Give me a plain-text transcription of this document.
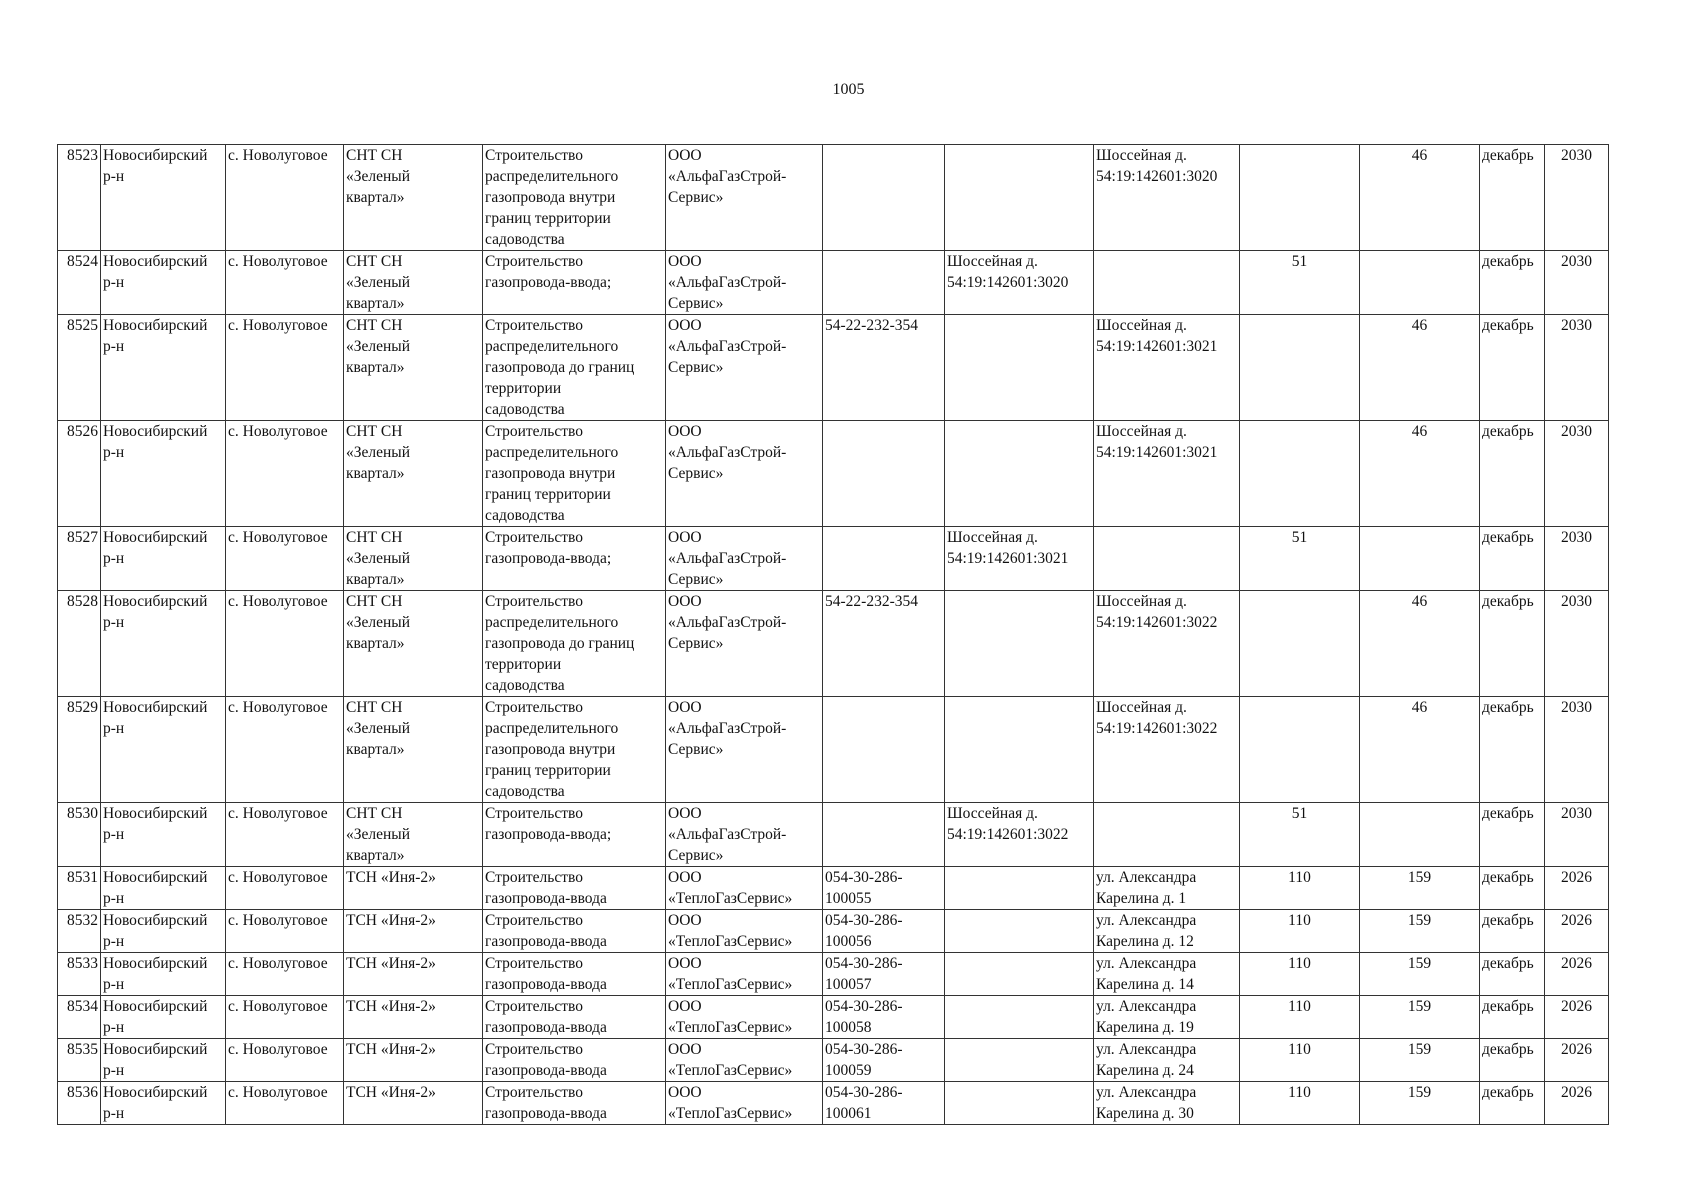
1005
8523	Новосибирский
р-н	с. Новолуговое	СНТ СН
«Зеленый
квартал»	Строительство
распределительного
газопровода внутри
границ территории
садоводства	ООО
«АльфаГазСтрой-
Сервис»			Шоссейная д.
54:19:142601:3020		46	декабрь	2030
8524	Новосибирский
р-н	с. Новолуговое	СНТ СН
«Зеленый
квартал»	Строительство
газопровода-ввода;	ООО
«АльфаГазСтрой-
Сервис»		Шоссейная д.
54:19:142601:3020		51		декабрь	2030
8525	Новосибирский
р-н	с. Новолуговое	СНТ СН
«Зеленый
квартал»	Строительство
распределительного
газопровода до границ
территории
садоводства	ООО
«АльфаГазСтрой-
Сервис»	54-22-232-354		Шоссейная д.
54:19:142601:3021		46	декабрь	2030
8526	Новосибирский
р-н	с. Новолуговое	СНТ СН
«Зеленый
квартал»	Строительство
распределительного
газопровода внутри
границ территории
садоводства	ООО
«АльфаГазСтрой-
Сервис»			Шоссейная д.
54:19:142601:3021		46	декабрь	2030
8527	Новосибирский
р-н	с. Новолуговое	СНТ СН
«Зеленый
квартал»	Строительство
газопровода-ввода;	ООО
«АльфаГазСтрой-
Сервис»		Шоссейная д.
54:19:142601:3021		51		декабрь	2030
8528	Новосибирский
р-н	с. Новолуговое	СНТ СН
«Зеленый
квартал»	Строительство
распределительного
газопровода до границ
территории
садоводства	ООО
«АльфаГазСтрой-
Сервис»	54-22-232-354		Шоссейная д.
54:19:142601:3022		46	декабрь	2030
8529	Новосибирский
р-н	с. Новолуговое	СНТ СН
«Зеленый
квартал»	Строительство
распределительного
газопровода внутри
границ территории
садоводства	ООО
«АльфаГазСтрой-
Сервис»			Шоссейная д.
54:19:142601:3022		46	декабрь	2030
8530	Новосибирский
р-н	с. Новолуговое	СНТ СН
«Зеленый
квартал»	Строительство
газопровода-ввода;	ООО
«АльфаГазСтрой-
Сервис»		Шоссейная д.
54:19:142601:3022		51		декабрь	2030
8531	Новосибирский
р-н	с. Новолуговое	ТСН «Иня-2»	Строительство
газопровода-ввода	ООО
«ТеплоГазСервис»	054-30-286-
100055		ул. Александра
Карелина д. 1	110	159	декабрь	2026
8532	Новосибирский
р-н	с. Новолуговое	ТСН «Иня-2»	Строительство
газопровода-ввода	ООО
«ТеплоГазСервис»	054-30-286-
100056		ул. Александра
Карелина д. 12	110	159	декабрь	2026
8533	Новосибирский
р-н	с. Новолуговое	ТСН «Иня-2»	Строительство
газопровода-ввода	ООО
«ТеплоГазСервис»	054-30-286-
100057		ул. Александра
Карелина д. 14	110	159	декабрь	2026
8534	Новосибирский
р-н	с. Новолуговое	ТСН «Иня-2»	Строительство
газопровода-ввода	ООО
«ТеплоГазСервис»	054-30-286-
100058		ул. Александра
Карелина д. 19	110	159	декабрь	2026
8535	Новосибирский
р-н	с. Новолуговое	ТСН «Иня-2»	Строительство
газопровода-ввода	ООО
«ТеплоГазСервис»	054-30-286-
100059		ул. Александра
Карелина д. 24	110	159	декабрь	2026
8536	Новосибирский
р-н	с. Новолуговое	ТСН «Иня-2»	Строительство
газопровода-ввода	ООО
«ТеплоГазСервис»	054-30-286-
100061		ул. Александра
Карелина д. 30	110	159	декабрь	2026
